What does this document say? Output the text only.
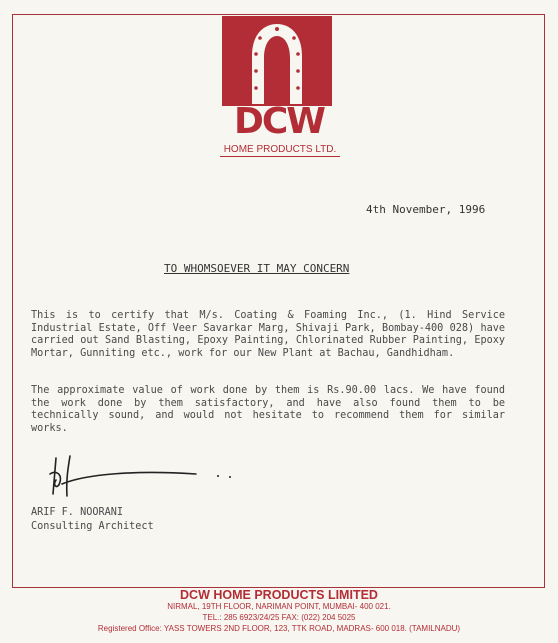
DCW
HOME PRODUCTS LTD.
4th November, 1996
TO WHOMSOEVER IT MAY CONCERN

This is to certify that M/s. Coating & Foaming Inc., (1. Hind Service Industrial Estate, Off Veer Savarkar Marg, Shivaji Park, Bombay-400 028) have carried out Sand Blasting, Epoxy Painting, Chlorinated Rubber Painting, Epoxy Mortar, Gunniting etc., work for our New Plant at Bachau, Gandhidham.

The approximate value of work done by them is Rs.90.00 lacs. We have found the work done by them satisfactory, and have also found them to be technically sound, and would not hesitate to recommend them for similar works.

ARIF F. NOORANI
Consulting Architect
DCW HOME PRODUCTS LIMITED
NIRMAL, 19TH FLOOR, NARIMAN POINT, MUMBAI- 400 021.
TEL.: 285 6923/24/25 FAX: (022) 204 5025
Registered Office: YASS TOWERS 2ND FLOOR, 123, TTK ROAD, MADRAS- 600 018. (TAMILNADU)
